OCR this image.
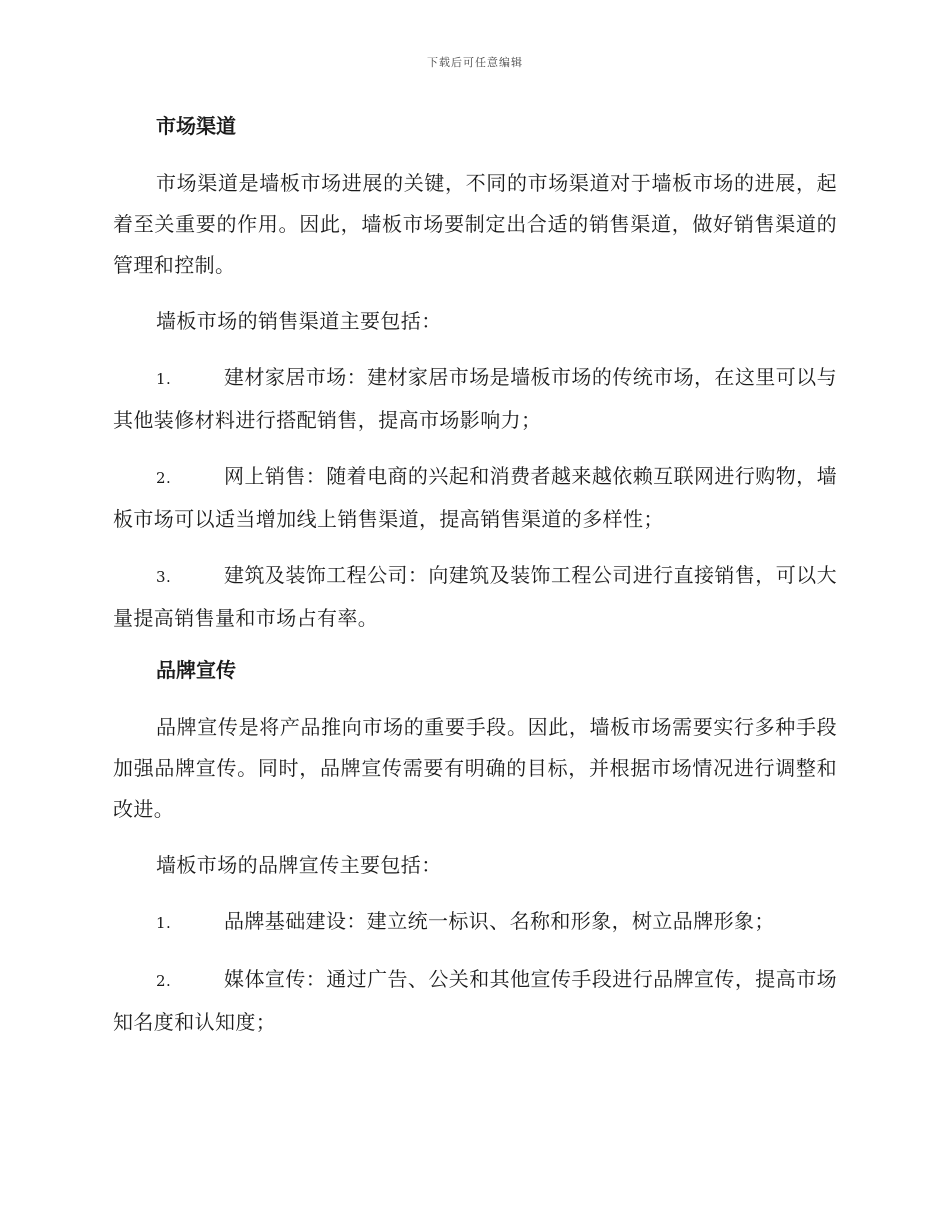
下载后可任意编辑
市场渠道
市场渠道是墙板市场进展的关键，不同的市场渠道对于墙板市场的进展，起着至关重要的作用。因此，墙板市场要制定出合适的销售渠道，做好销售渠道的管理和控制。
墙板市场的销售渠道主要包括：
1.	建材家居市场：建材家居市场是墙板市场的传统市场，在这里可以与其他装修材料进行搭配销售，提高市场影响力；
2.	网上销售：随着电商的兴起和消费者越来越依赖互联网进行购物，墙板市场可以适当增加线上销售渠道，提高销售渠道的多样性；
3.	建筑及装饰工程公司：向建筑及装饰工程公司进行直接销售，可以大量提高销售量和市场占有率。
品牌宣传
品牌宣传是将产品推向市场的重要手段。因此，墙板市场需要实行多种手段加强品牌宣传。同时，品牌宣传需要有明确的目标，并根据市场情况进行调整和改进。
墙板市场的品牌宣传主要包括：
1.	品牌基础建设：建立统一标识、名称和形象，树立品牌形象；
2.	媒体宣传：通过广告、公关和其他宣传手段进行品牌宣传，提高市场知名度和认知度；
